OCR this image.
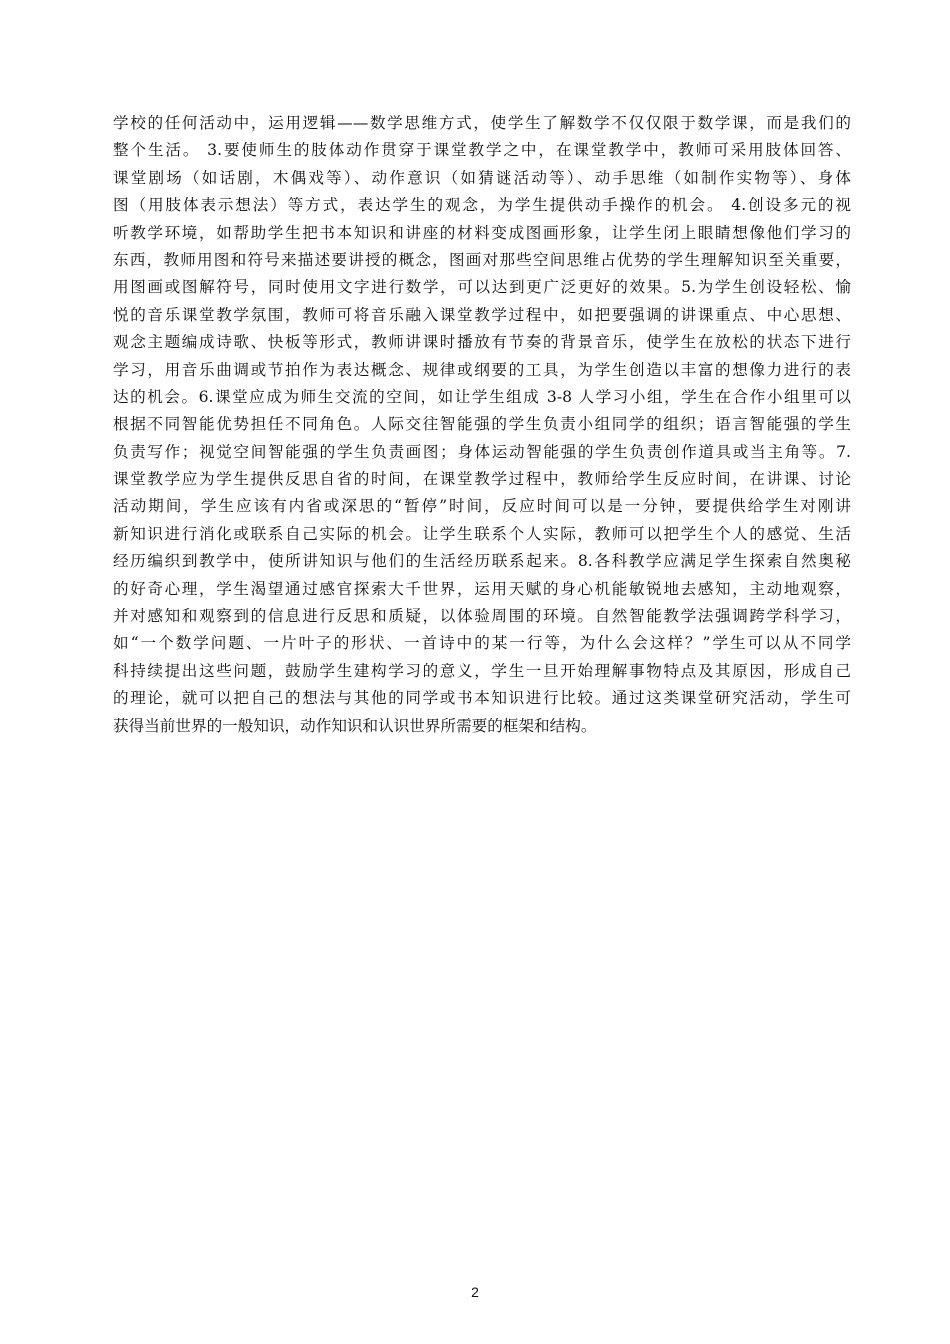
学校的任何活动中，运用逻辑——数学思维方式，使学生了解数学不仅仅限于数学课，而是我们的
整个生活。 3.要使师生的肢体动作贯穿于课堂教学之中，在课堂教学中，教师可采用肢体回答、
课堂剧场（如话剧，木偶戏等）、动作意识（如猜谜活动等）、动手思维（如制作实物等）、身体
图（用肢体表示想法）等方式，表达学生的观念，为学生提供动手操作的机会。 4.创设多元的视
听教学环境，如帮助学生把书本知识和讲座的材料变成图画形象，让学生闭上眼睛想像他们学习的
东西，教师用图和符号来描述要讲授的概念，图画对那些空间思维占优势的学生理解知识至关重要，
用图画或图解符号，同时使用文字进行数学，可以达到更广泛更好的效果。5.为学生创设轻松、愉
悦的音乐课堂教学氛围，教师可将音乐融入课堂教学过程中，如把要强调的讲课重点、中心思想、
观念主题编成诗歌、快板等形式，教师讲课时播放有节奏的背景音乐，使学生在放松的状态下进行
学习，用音乐曲调或节拍作为表达概念、规律或纲要的工具，为学生创造以丰富的想像力进行的表
达的机会。6.课堂应成为师生交流的空间，如让学生组成 3-8 人学习小组，学生在合作小组里可以
根据不同智能优势担任不同角色。人际交往智能强的学生负责小组同学的组织；语言智能强的学生
负责写作；视觉空间智能强的学生负责画图；身体运动智能强的学生负责创作道具或当主角等。7.
课堂教学应为学生提供反思自省的时间，在课堂教学过程中，教师给学生反应时间，在讲课、讨论
活动期间，学生应该有内省或深思的“暂停”时间，反应时间可以是一分钟，要提供给学生对刚讲
新知识进行消化或联系自己实际的机会。让学生联系个人实际，教师可以把学生个人的感觉、生活
经历编织到教学中，使所讲知识与他们的生活经历联系起来。8.各科教学应满足学生探索自然奥秘
的好奇心理，学生渴望通过感官探索大千世界，运用天赋的身心机能敏锐地去感知，主动地观察，
并对感知和观察到的信息进行反思和质疑，以体验周围的环境。自然智能教学法强调跨学科学习，
如“一个数学问题、一片叶子的形状、一首诗中的某一行等，为什么会这样？”学生可以从不同学
科持续提出这些问题，鼓励学生建构学习的意义，学生一旦开始理解事物特点及其原因，形成自己
的理论，就可以把自己的想法与其他的同学或书本知识进行比较。通过这类课堂研究活动，学生可
获得当前世界的一般知识，动作知识和认识世界所需要的框架和结构。
2
